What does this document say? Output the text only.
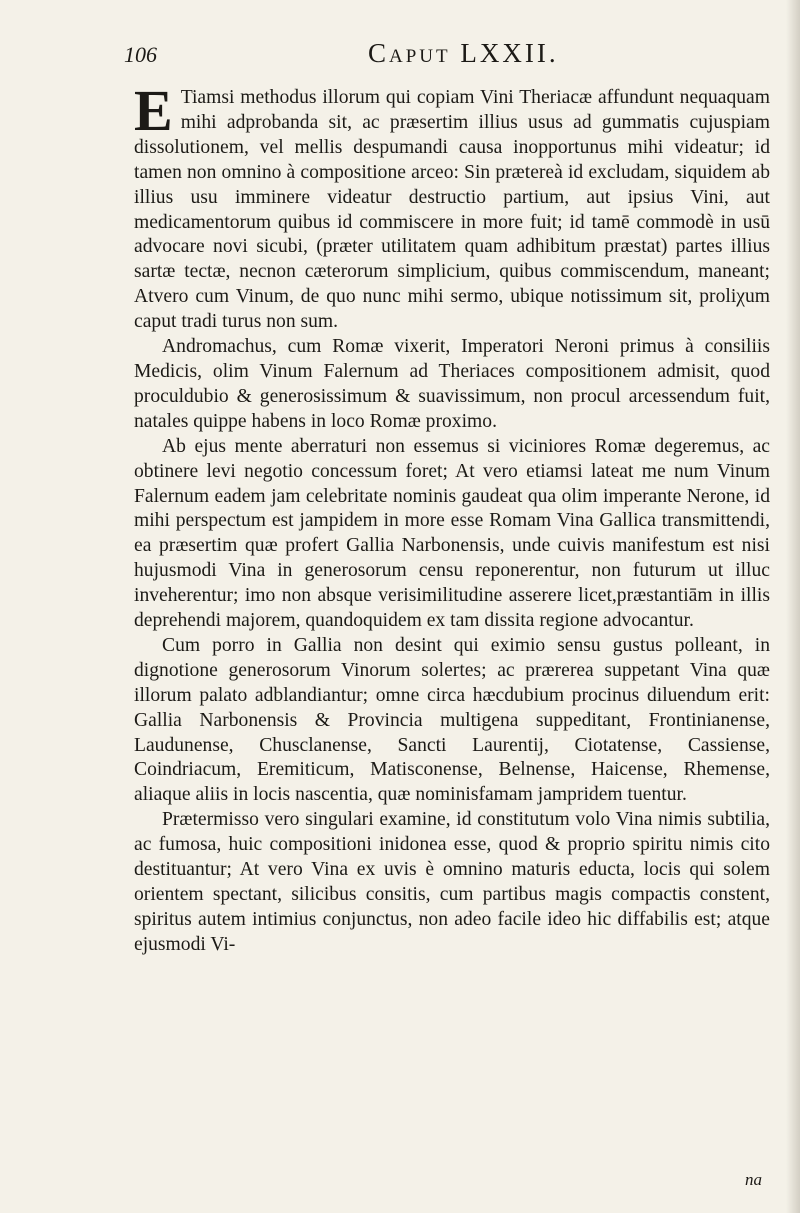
106	Caput LXXII.

E Tiamsi methodus illorum qui copiam Vini Theriacæ affundunt nequaquam mihi adprobanda sit, ac præsertim illius usus ad gummatis cujuspiam dissolutionem, vel mellis despumandi causa inopportunus mihi videatur; id tamen non omnino à compositione arceo: Sin prætereà id excludam, siquidem ab illius usu imminere videatur destructio partium, aut ipsius Vini, aut medicamentorum quibus id commiscere in more fuit; id tamē commodè in usū advocare novi sicubi, (præter utilitatem quam adhibitum præstat) partes illius sartæ tectæ, necnon cæterorum simplicium, quibus commiscendum, maneant; Atvero cum Vinum, de quo nunc mihi sermo, ubique notissimum sit, proliχum caput tradi turus non sum.

Andromachus, cum Romæ vixerit, Imperatori Neroni primus à consiliis Medicis, olim Vinum Falernum ad Theriaces compositionem admisit, quod proculdubio & generosissimum & suavissimum, non procul arcessendum fuit, natales quippe habens in loco Romæ proximo.

Ab ejus mente aberraturi non essemus si viciniores Romæ degeremus, ac obtinere levi negotio concessum foret; At vero etiamsi lateat me num Vinum Falernum eadem jam celebritate nominis gaudeat qua olim imperante Nerone, id mihi perspectum est jampidem in more esse Romam Vina Gallica transmittendi, ea præsertim quæ profert Gallia Narbonensis, unde cuivis manifestum est nisi hujusmodi Vina in generosorum censu reponerentur, non futurum ut illuc inveherentur; imo non absque verisimilitudine asserere licet,præstantiām in illis deprehendi majorem, quandoquidem ex tam dissita regione advocantur.

Cum porro in Gallia non desint qui eximio sensu gustus polleant, in dignotione generosorum Vinorum solertes; ac prærerea suppetant Vina quæ illorum palato adblandiantur; omne circa hæcdubium procinus diluendum erit: Gallia Narbonensis & Provincia multigena suppeditant, Frontinianense, Laudunense, Chusclanense, Sancti Laurentij, Ciotatense, Cassiense, Coindriacum, Eremiticum, Matisconense, Belnense, Haicense, Rhemense, aliaque aliis in locis nascentia, quæ nominisfamam jampridem tuentur.

Prætermisso vero singulari examine, id constitutum volo Vina nimis subtilia, ac fumosa, huic compositioni inidonea esse, quod & proprio spiritu nimis cito destituantur; At vero Vina ex uvis è omnino maturis educta, locis qui solem orientem spectant, silicibus consitis, cum partibus magis compactis constent, spiritus autem intimius conjunctus, non adeo facile ideo hic diffabilis est; atque ejusmodi Vi-

na
